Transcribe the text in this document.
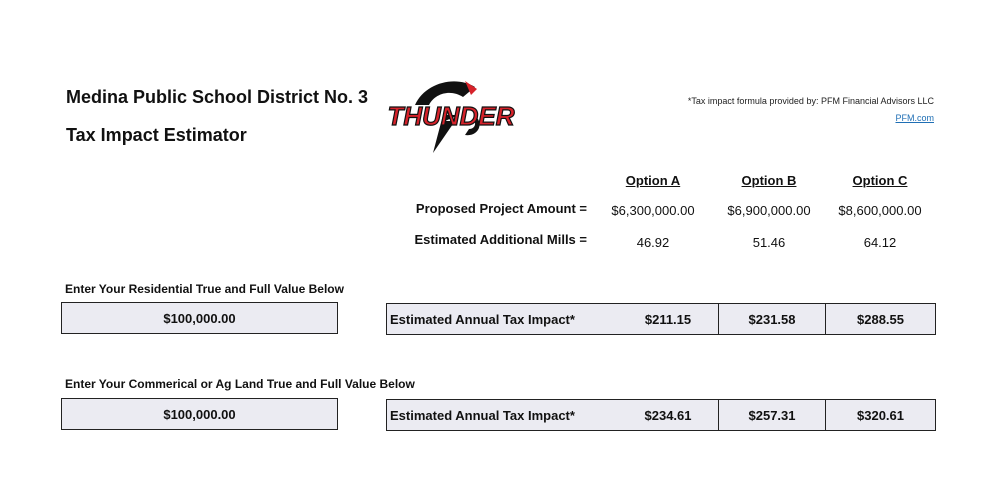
Medina Public School District No. 3
Tax Impact Estimator
THUNDER	*Tax impact formula provided by: PFM Financial Advisors LLC
PFM.com
Option A	Option B	Option C
Proposed Project Amount =	$6,300,000.00	$6,900,000.00	$8,600,000.00
Estimated Additional Mills =	46.92	51.46	64.12
Enter Your Residential True and Full Value Below
$100,000.00	Estimated Annual Tax Impact*	$211.15	$231.58	$288.55
Enter Your Commerical or Ag Land True and Full Value Below
$100,000.00	Estimated Annual Tax Impact*	$234.61	$257.31	$320.61
